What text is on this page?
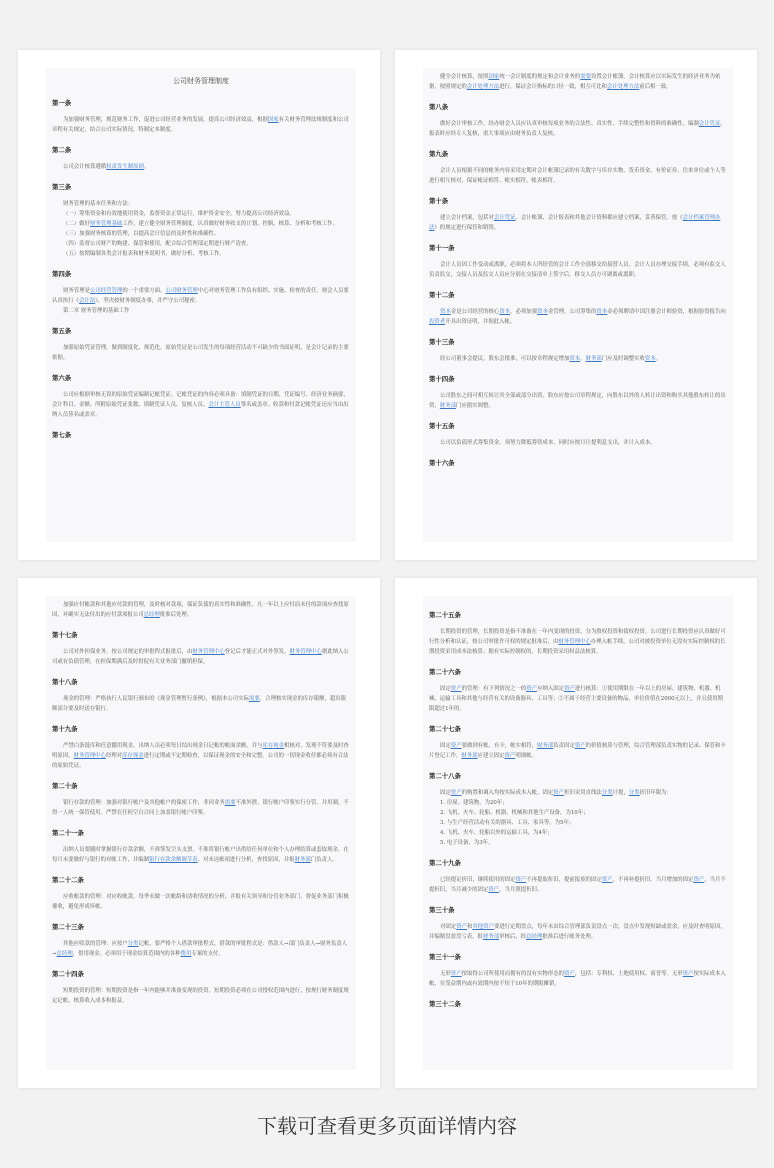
公司财务管理制度
第一条

为加强财务管理，规范财务工作，促进公司经营业务的发展，提高公司经济效益，根据国家有关财务管理法规制度和公司章程有关规定，结合公司实际情况，特制定本制度。

第二条

公司会计核算遵循权责发生制原则。

第三条

财务管理的基本任务和方法：

（一）筹集资金和有效地使用资金，监督资金正常运行，维护资金安全，努力提高公司经济效益。

（二）做好财务管理基础工作，建立健全财务管理制度，认真做好财务收支的计划、控制、核算、分析和考核工作。

（三）加强财务核算的管理，以提高会计信息的及时性和准确性。

（四）监督公司财产的购建、保管和使用，配合综合管理部定期进行财产清查。

（五）按期编制各类会计报表和财务说明书，做好分析、考核工作。

第四条

财务管理是公司经营管理的一个重要方面，公司财务管理中心对财务管理工作负有组织、实施、检查的责任，财会人员要认真执行《会计法》，坚决按财务制度办事，并严守公司秘密。

第二章 财务管理的基础工作

第五条

加强原始凭证管理，做到制度化、规范化。原始凭证是公司发生的每项经营活动不可缺少的书面证明，是会计记录的主要依据。

第六条

公司应根据审核无误的原始凭证编制记帐凭证。记帐凭证的内容必须具备：填制凭证的日期、凭证编号、经济业务摘要、会计科目、金额、所附原始凭证张数、填制凭证人员、复核人员、会计主管人员签名或盖章。收款和付款记帐凭证还应当由出纳人员签名或盖章。

第七条

健全会计核算，按照国家统一会计制度的规定和会计业务的需要设置会计帐簿。会计核算应以实际发生的经济业务为依据，按照规定的会计处理方法进行，保证会计指标的口径一致，相互可比和会计处理方法前后相一致。

第八条

做好会计审核工作，经办财会人员应认真审核每项业务的合法性、真实性、手续完整性和资料的准确性。编制会计凭证、报表时应经专人复核，重大事项应由财务负责人复核。

第九条

会计人员根据不同的帐务内容采用定期对会计帐簿记录的有关数字与库存实物、货币资金、有价证券、往来单位或个人等进行相互核对，保证帐证相符、帐实相符、帐表相符。

第十条

建立会计档案，包括对会计凭证、会计帐簿、会计报表和其他会计资料都应建立档案，妥善保管。按《会计档案管理办法》的规定进行保管和销毁。

第十一条

会计人员因工作变动或离职，必须将本人所经管的会计工作全部移交给接替人员。会计人员办理交接手续，必须有监交人负责监交，交接人员及监交人员应分别在交接清单上签字后，移交人员方可调离或离职。

第十二条

资本金是公司经营的核心资本，必须加强资本金管理。公司筹集的资本金必须聘请中国注册会计师验资，根据验资报告向投资者开具出资证明，并据此入帐。

第十三条

经公司董事会提议，股东会批准，可以按章程规定增加资本。财务部门应及时调整实收资本。

第十四条

公司股东之间可相互转让其全部或部分出资，股东应按公司章程规定，向股东以外的人转让出资和购买其他股东转让的出资，财务部门应据实调整。

第十五条

公司以负债形式筹集资金，须努力降低筹资成本，同时应按月计提利息支出，并计入成本。

第十六条

加强应付帐款和其他应付款的管理，及时核对款项，保证负债的真实性和准确性。凡一年以上应付而未付的款项应查找原因，对确实无法付出的应付款项报公司总经理批准后处理。

第十七条

公司对外担保业务，按公司规定的审批程式报批后，由财务管理中心登记后才能正式对外签发，财务管理中心据此纳入公司或有负债管理，在担保期满后及时督促有关业务部门撤销担保。

第十八条

现金的管理：严格执行人民银行颁布的《现金管理暂行条例》，根据本公司实际需要，合理核实现金的库存限额，超出限额部分要及时送存银行。

第十九条

严禁白条抵库和任意挪用现金，出纳人员必须每日结出现金日记帐的帐面余额，并与库存现金相核对，发现不符要及时查明原因。财务管理中心经理对库存现金进行定期或不定期检查，以保证现金的安全和完整。公司的一切现金收付都必须有合法的原始凭证。

第二十条

银行存款的管理：加强对银行帐户及其他帐户的保密工作，非因业务需要不准外泄，银行帐户印鉴实行分管、并用制，不得一人统一保管使用。严禁在任何空白合同上加盖银行帐户印鉴。

第二十一条

出纳人员要随时掌握银行存款余额，不准签发空头支票，不准将银行帐户出借给任何单位和个人办理结算或套取现金。在每月末要做好与银行的对帐工作，并编制银行存款余额调节表，对未达帐项进行分析，查找原因，并报财务部门负责人。

第二十二条

应收帐款的管理：对应收帐款，每季末做一次帐龄和清收情况的分析，并报有关领导和分管业务部门，督促业务部门积极催收，避免形成坏帐。

第二十三条

其他应收款的管理：应按户分类记帐，要严格个人借款审批程式，借款的审批程式是：借款人→部门负责人→财务负责人→总经理，借用现金，必须用于现金结算范围内的各种费用专案的支付。

第二十四条

短期投资的管理：短期投资是指一年内能够并准备变现的投资，短期投资必须在公司授权范围内进行，按规行财务制度规定记帐、核算收入成本和报益。

第二十五条

长期投资的管理，长期投资是指不准备在一年内变现的投资，分为股权投资和债权投资。公司进行长期投资应认真做好可行性分析和认证，按公司审批许可权的规定批准后，由财务管理中心办理入帐手续，公司对被投资单位无没有实际控制权的长期投资采用成本法核算；拥有实际控制权的，长期投资采用权益法核算。

第二十六条

固定资产的管理：有下列情况之一的资产应纳入固定资产进行核算：①使用期限在一年以上的房屋、建筑物、机器、机械、运输工具和其他与经营有关的设备器具、工具等；②不属于经营主要设备的物品，单位价值在2000元以上，并且使用期限超过1年的。

第二十七条

固定资产要做到有帐、有卡，帐实相符，财务部负责固定资产的价值核算与管理，综合管理部负责实物的记录、保管和卡片登记工作，财务部应建立固定资产明细帐。

第二十八条

固定资产的购置和调入均按实际成本入帐，固定资产折旧采用直线法分类计提，分类折旧年限为：

1. 房屋、建筑物，为20年；

2. 飞机、火车、轮船、机器、机械和其他生产设备，为10年；

3. 与生产经营活动有关的器具、工具、家具等，为5年；

4. 飞机、火车、轮船以外的运输工具，为4年；

5. 电子设备，为3年。

第二十九条

已经提足折旧，继续使用的固定资产不再提取折旧，提前报废的固定资产，不再补提折旧。当月增加的固定资产，当月不提折旧，当月减少的固定资产，当月照提折旧。

第三十条

对固定资产和其他资产要进行定期盘点，每年末由综合管理部负责盘点一次，盘点中发现短缺或盈余，应及时查明原因，并编制盘盈盘亏表，报财务部审核后，经总经理批准后进行帐务处理。

第三十一条

无形资产按取得公司所使用而拥有的没有实物形态的资产，包括：专利权、土地使用权、商誉等。无形资产按实际成本入帐，在受益期内或有效期内按不短于10年的期限摊销。

第三十二条
下载可查看更多页面详情内容
